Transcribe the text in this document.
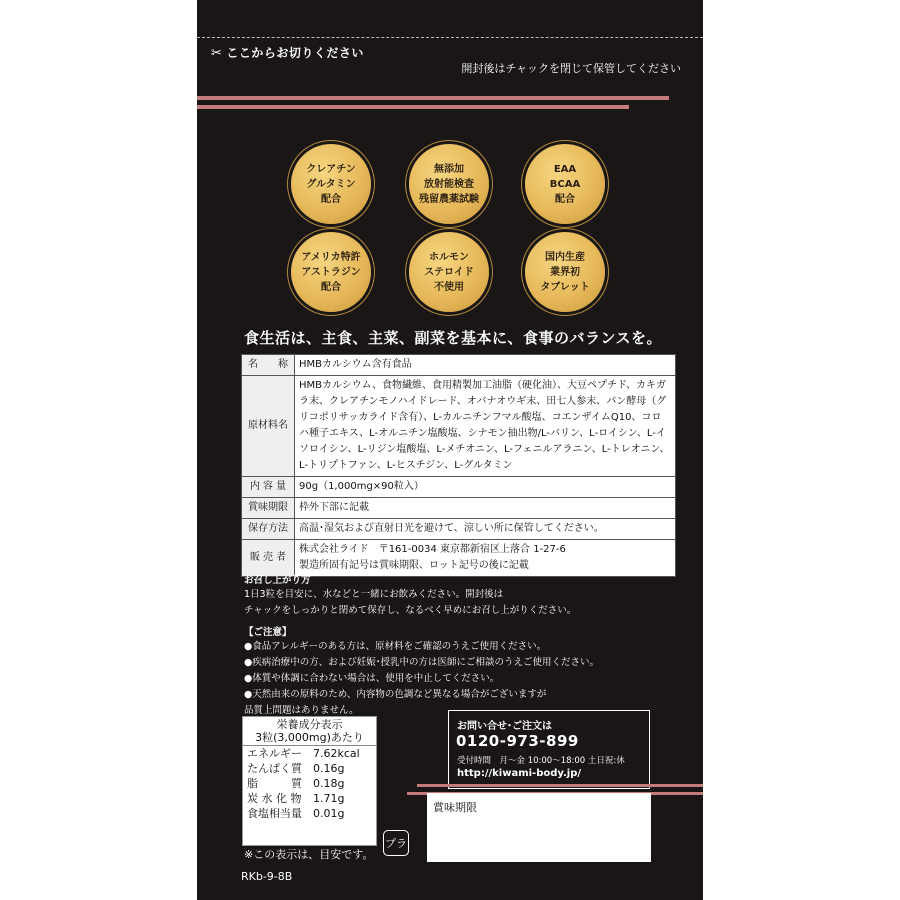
✂ ここからお切りください
開封後はチャックを閉じて保管してください
クレアチン
グルタミン
配合
無添加
放射能検査
残留農薬試験
EAA
BCAA
配合
アメリカ特許
アストラジン
配合
ホルモン
ステロイド
不使用
国内生産
業界初
タブレット
食生活は、主食、主菜、副菜を基本に、食事のバランスを。
名　　称	HMBカルシウム含有食品
原材料名	HMBカルシウム、食物繊維、食用精製加工油脂（硬化油）、大豆ペプチド、カキガラ末、クレアチンモノハイドレード、オバナオウギ末、田七人参末、パン酵母（グリコポリサッカライド含有）、L-カルニチンフマル酸塩、コエンザイムQ10、コロハ種子エキス、L-オルニチン塩酸塩、シナモン抽出物/L-バリン、L-ロイシン、L-イソロイシン、L-リジン塩酸塩、L-メチオニン、L-フェニルアラニン、L-トレオニン、L-トリプトファン、L-ヒスチジン、L-グルタミン
内 容 量	90g（1,000mg×90粒入）
賞味期限	枠外下部に記載
保存方法	高温･湿気および直射日光を避けて、涼しい所に保管してください。
販 売 者	株式会社ライド　〒161-0034 東京都新宿区上落合 1-27-6
製造所固有記号は賞味期限、ロット記号の後に記載
お召し上がり方
1日3粒を目安に、水などと一緒にお飲みください。開封後は
チャックをしっかりと閉めて保存し、なるべく早めにお召し上がりください。
【ご注意】
●食品アレルギーのある方は、原材料をご確認のうえご使用ください。
●疾病治療中の方、および妊娠･授乳中の方は医師にご相談のうえご使用ください。
●体質や体調に合わない場合は、使用を中止してください。
●天然由来の原料のため、内容物の色調など異なる場合がございますが
品質上問題はありません。
栄養成分表示
3粒(3,000mg)あたり
エネルギー	7.62kcal
たんぱく質	0.16g
脂　　　質	0.18g
炭 水 化 物	1.71g
食塩相当量	0.01g
※この表示は、目安です。
プラ
RKb-9-8B
お問い合せ･ご注文は
0120-973-899
受付時間　月～金 10:00～18:00 土日祝:休
http://kiwami-body.jp/
賞味期限
